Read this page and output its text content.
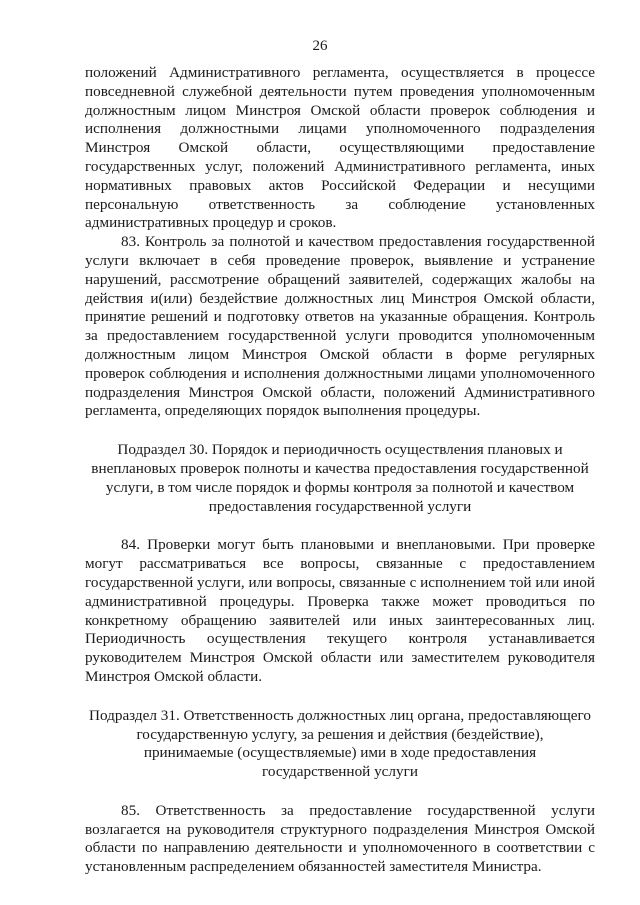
26

положений Административного регламента, осуществляется в процессе повседневной служебной деятельности путем проведения уполномоченным должностным лицом Минстроя Омской области проверок соблюдения и исполнения должностными лицами уполномоченного подразделения Минстроя Омской области, осуществляющими предоставление государственных услуг, положений Административного регламента, иных нормативных правовых актов Российской Федерации и несущими персональную ответственность за соблюдение установленных административных процедур и сроков.

83. Контроль за полнотой и качеством предоставления государственной услуги включает в себя проведение проверок, выявление и устранение нарушений, рассмотрение обращений заявителей, содержащих жалобы на действия и(или) бездействие должностных лиц Минстроя Омской области, принятие решений и подготовку ответов на указанные обращения. Контроль за предоставлением государственной услуги проводится уполномоченным должностным лицом Минстроя Омской области в форме регулярных проверок соблюдения и исполнения должностными лицами уполномоченного подразделения Минстроя Омской области, положений Административного регламента, определяющих порядок выполнения процедуры.

Подраздел 30. Порядок и периодичность осуществления плановых и
внеплановых проверок полноты и качества предоставления государственной
услуги, в том числе порядок и формы контроля за полнотой и качеством
предоставления государственной услуги

84. Проверки могут быть плановыми и внеплановыми. При проверке могут рассматриваться все вопросы, связанные с предоставлением государственной услуги, или вопросы, связанные с исполнением той или иной административной процедуры. Проверка также может проводиться по конкретному обращению заявителей или иных заинтересованных лиц. Периодичность осуществления текущего контроля устанавливается руководителем Минстроя Омской области или заместителем руководителя Минстроя Омской области.

Подраздел 31. Ответственность должностных лиц органа, предоставляющего
государственную услугу, за решения и действия (бездействие),
принимаемые (осуществляемые) ими в ходе предоставления
государственной услуги

85. Ответственность за предоставление государственной услуги возлагается на руководителя структурного подразделения Минстроя Омской области по направлению деятельности и уполномоченного в соответствии с установленным распределением обязанностей заместителя Министра.
